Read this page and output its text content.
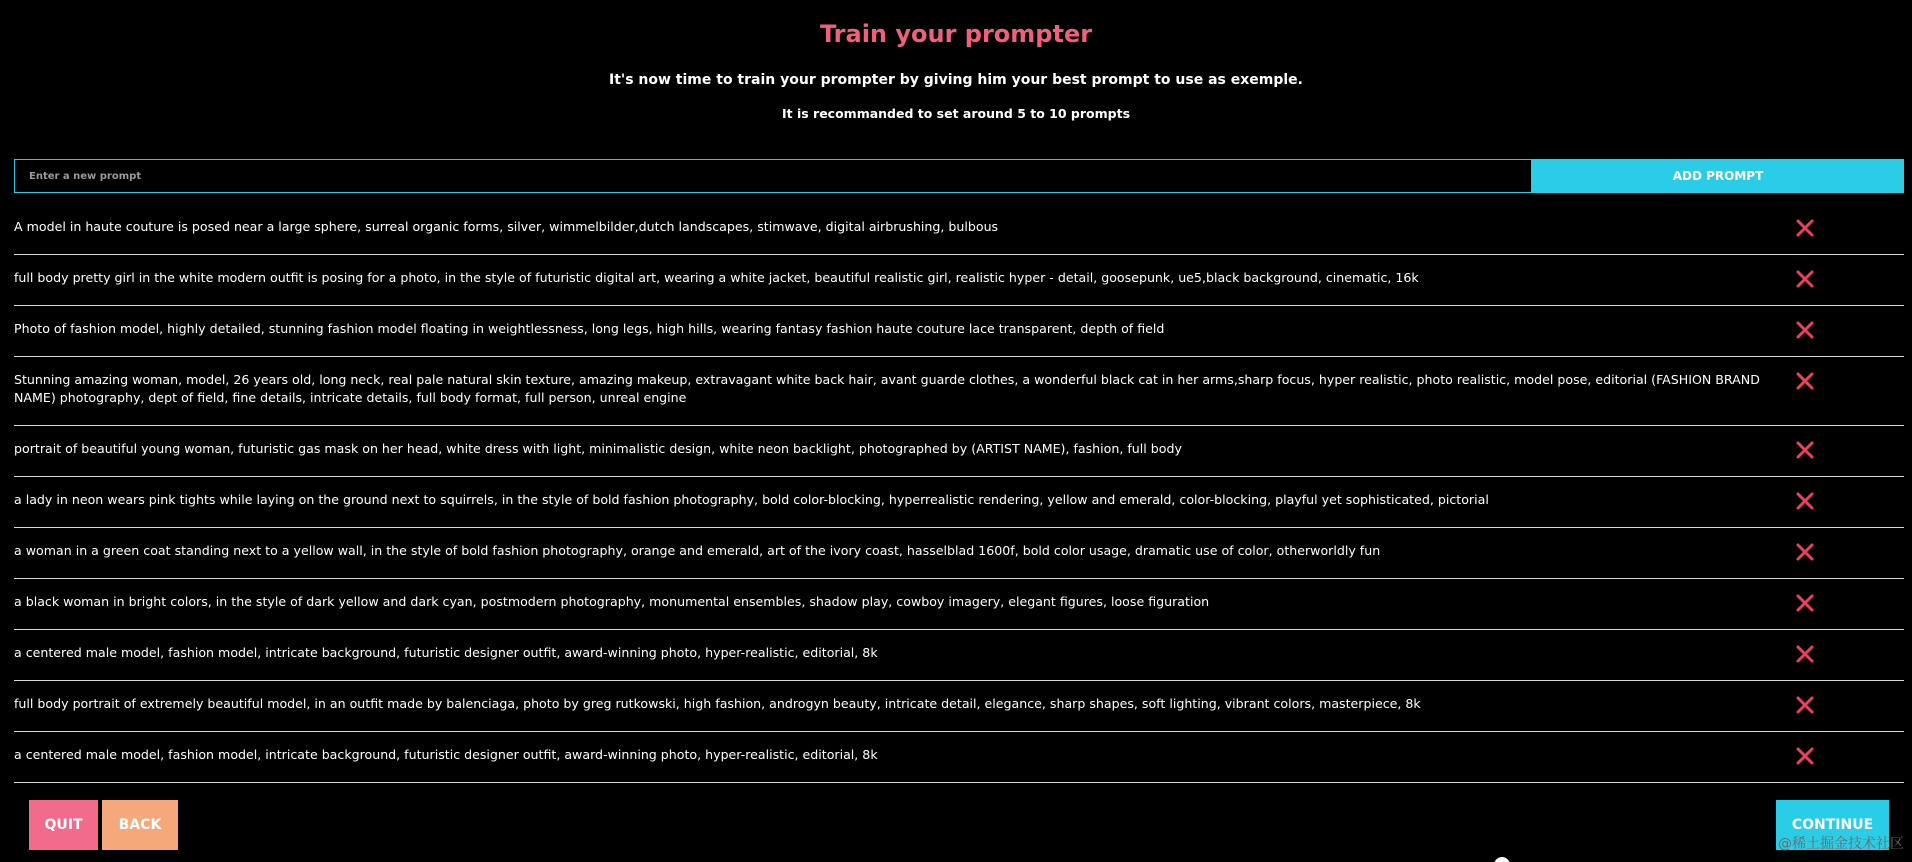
Train your prompter

It's now time to train your prompter by giving him your best prompt to use as exemple.

It is recommanded to set around 5 to 10 prompts

Enter a new prompt
ADD PROMPT
A model in haute couture is posed near a large sphere, surreal organic forms, silver, wimmelbilder,dutch landscapes, stimwave, digital airbrushing, bulbous
full body pretty girl in the white modern outfit is posing for a photo, in the style of futuristic digital art, wearing a white jacket, beautiful realistic girl, realistic hyper - detail, goosepunk, ue5,black background, cinematic, 16k
Photo of fashion model, highly detailed, stunning fashion model floating in weightlessness, long legs, high hills, wearing fantasy fashion haute couture lace transparent, depth of field
Stunning amazing woman, model, 26 years old, long neck, real pale natural skin texture, amazing makeup, extravagant white back hair, avant guarde clothes, a wonderful black cat in her arms,sharp focus, hyper realistic, photo realistic, model pose, editorial (FASHION BRAND NAME) photography, dept of field, fine details, intricate details, full body format, full person, unreal engine
portrait of beautiful young woman, futuristic gas mask on her head, white dress with light, minimalistic design, white neon backlight, photographed by (ARTIST NAME), fashion, full body
a lady in neon wears pink tights while laying on the ground next to squirrels, in the style of bold fashion photography, bold color-blocking, hyperrealistic rendering, yellow and emerald, color-blocking, playful yet sophisticated, pictorial
a woman in a green coat standing next to a yellow wall, in the style of bold fashion photography, orange and emerald, art of the ivory coast, hasselblad 1600f, bold color usage, dramatic use of color, otherworldly fun
a black woman in bright colors, in the style of dark yellow and dark cyan, postmodern photography, monumental ensembles, shadow play, cowboy imagery, elegant figures, loose figuration
a centered male model, fashion model, intricate background, futuristic designer outfit, award-winning photo, hyper-realistic, editorial, 8k
full body portrait of extremely beautiful model, in an outfit made by balenciaga, photo by greg rutkowski, high fashion, androgyn beauty, intricate detail, elegance, sharp shapes, soft lighting, vibrant colors, masterpiece, 8k
a centered male model, fashion model, intricate background, futuristic designer outfit, award-winning photo, hyper-realistic, editorial, 8k
QUIT	BACK	CONTINUE
@稀土掘金技术社区
